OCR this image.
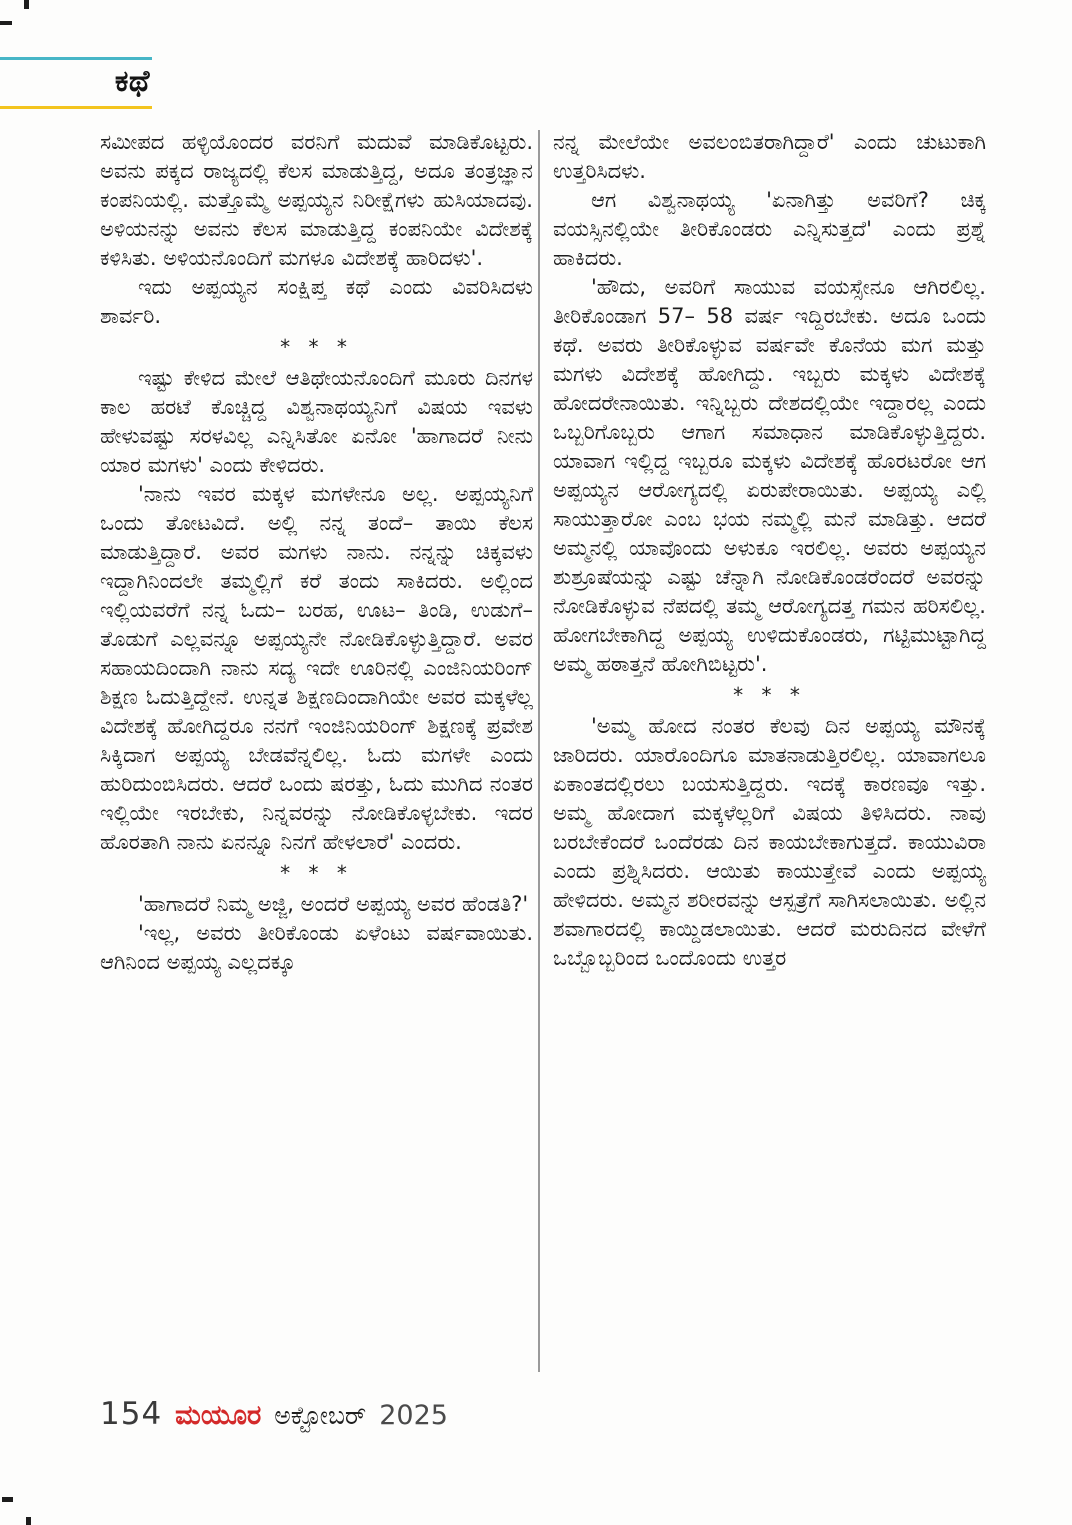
ಕಥೆ

ಸಮೀಪದ ಹಳ್ಳಿಯೊಂದರ ವರನಿಗೆ ಮದುವೆ ಮಾಡಿಕೊಟ್ಟರು. ಅವನು ಪಕ್ಕದ ರಾಜ್ಯದಲ್ಲಿ ಕೆಲಸ ಮಾಡುತ್ತಿದ್ದ, ಅದೂ ತಂತ್ರಜ್ಞಾನ ಕಂಪನಿಯಲ್ಲಿ. ಮತ್ತೊಮ್ಮೆ ಅಪ್ಪಯ್ಯನ ನಿರೀಕ್ಷೆಗಳು ಹುಸಿಯಾದವು. ಅಳಿಯನನ್ನು ಅವನು ಕೆಲಸ ಮಾಡುತ್ತಿದ್ದ ಕಂಪನಿಯೇ ವಿದೇಶಕ್ಕೆ ಕಳಿಸಿತು. ಅಳಿಯನೊಂದಿಗೆ ಮಗಳೂ ವಿದೇಶಕ್ಕೆ ಹಾರಿದಳು'.

ಇದು ಅಪ್ಪಯ್ಯನ ಸಂಕ್ಷಿಪ್ತ ಕಥೆ ಎಂದು ವಿವರಿಸಿದಳು ಶಾರ್ವರಿ.

* * *

ಇಷ್ಟು ಕೇಳಿದ ಮೇಲೆ ಆತಿಥೇಯನೊಂದಿಗೆ ಮೂರು ದಿನಗಳ ಕಾಲ ಹರಟೆ ಕೊಚ್ಚಿದ್ದ ವಿಶ್ವನಾಥಯ್ಯನಿಗೆ ವಿಷಯ ಇವಳು ಹೇಳುವಷ್ಟು ಸರಳವಿಲ್ಲ ಎನ್ನಿಸಿತೋ ಏನೋ 'ಹಾಗಾದರೆ ನೀನು ಯಾರ ಮಗಳು' ಎಂದು ಕೇಳಿದರು.

'ನಾನು ಇವರ ಮಕ್ಕಳ ಮಗಳೇನೂ ಅಲ್ಲ. ಅಪ್ಪಯ್ಯನಿಗೆ ಒಂದು ತೋಟವಿದೆ. ಅಲ್ಲಿ ನನ್ನ ತಂದೆ– ತಾಯಿ ಕೆಲಸ ಮಾಡುತ್ತಿದ್ದಾರೆ. ಅವರ ಮಗಳು ನಾನು. ನನ್ನನ್ನು ಚಿಕ್ಕವಳು ಇದ್ದಾಗಿನಿಂದಲೇ ತಮ್ಮಲ್ಲಿಗೆ ಕರೆ ತಂದು ಸಾಕಿದರು. ಅಲ್ಲಿಂದ ಇಲ್ಲಿಯವರೆಗೆ ನನ್ನ ಓದು– ಬರಹ, ಊಟ– ತಿಂಡಿ, ಉಡುಗೆ– ತೊಡುಗೆ ಎಲ್ಲವನ್ನೂ ಅಪ್ಪಯ್ಯನೇ ನೋಡಿಕೊಳ್ಳುತ್ತಿದ್ದಾರೆ. ಅವರ ಸಹಾಯದಿಂದಾಗಿ ನಾನು ಸದ್ಯ ಇದೇ ಊರಿನಲ್ಲಿ ಎಂಜಿನಿಯರಿಂಗ್ ಶಿಕ್ಷಣ ಓದುತ್ತಿದ್ದೇನೆ. ಉನ್ನತ ಶಿಕ್ಷಣದಿಂದಾಗಿಯೇ ಅವರ ಮಕ್ಕಳೆಲ್ಲ ವಿದೇಶಕ್ಕೆ ಹೋಗಿದ್ದರೂ ನನಗೆ ಇಂಜಿನಿಯರಿಂಗ್ ಶಿಕ್ಷಣಕ್ಕೆ ಪ್ರವೇಶ ಸಿಕ್ಕಿದಾಗ ಅಪ್ಪಯ್ಯ ಬೇಡವೆನ್ನಲಿಲ್ಲ. ಓದು ಮಗಳೇ ಎಂದು ಹುರಿದುಂಬಿಸಿದರು. ಆದರೆ ಒಂದು ಷರತ್ತು, ಓದು ಮುಗಿದ ನಂತರ ಇಲ್ಲಿಯೇ ಇರಬೇಕು, ನಿನ್ನವರನ್ನು ನೋಡಿಕೊಳ್ಳಬೇಕು. ಇದರ ಹೊರತಾಗಿ ನಾನು ಏನನ್ನೂ ನಿನಗೆ ಹೇಳಲಾರೆ' ಎಂದರು.

* * *

'ಹಾಗಾದರೆ ನಿಮ್ಮ ಅಜ್ಜಿ, ಅಂದರೆ ಅಪ್ಪಯ್ಯ ಅವರ ಹೆಂಡತಿ?'

'ಇಲ್ಲ, ಅವರು ತೀರಿಕೊಂಡು ಏಳೆಂಟು ವರ್ಷವಾಯಿತು. ಆಗಿನಿಂದ ಅಪ್ಪಯ್ಯ ಎಲ್ಲದಕ್ಕೂ

ನನ್ನ ಮೇಲೆಯೇ ಅವಲಂಬಿತರಾಗಿದ್ದಾರೆ' ಎಂದು ಚುಟುಕಾಗಿ ಉತ್ತರಿಸಿದಳು.

ಆಗ ವಿಶ್ವನಾಥಯ್ಯ 'ಏನಾಗಿತ್ತು ಅವರಿಗೆ? ಚಿಕ್ಕ ವಯಸ್ಸಿನಲ್ಲಿಯೇ ತೀರಿಕೊಂಡರು ಎನ್ನಿಸುತ್ತದೆ' ಎಂದು ಪ್ರಶ್ನೆ ಹಾಕಿದರು.

'ಹೌದು, ಅವರಿಗೆ ಸಾಯುವ ವಯಸ್ಸೇನೂ ಆಗಿರಲಿಲ್ಲ. ತೀರಿಕೊಂಡಾಗ 57– 58 ವರ್ಷ ಇದ್ದಿರಬೇಕು. ಅದೂ ಒಂದು ಕಥೆ. ಅವರು ತೀರಿಕೊಳ್ಳುವ ವರ್ಷವೇ ಕೊನೆಯ ಮಗ ಮತ್ತು ಮಗಳು ವಿದೇಶಕ್ಕೆ ಹೋಗಿದ್ದು. ಇಬ್ಬರು ಮಕ್ಕಳು ವಿದೇಶಕ್ಕೆ ಹೋದರೇನಾಯಿತು. ಇನ್ನಿಬ್ಬರು ದೇಶದಲ್ಲಿಯೇ ಇದ್ದಾರಲ್ಲ ಎಂದು ಒಬ್ಬರಿಗೊಬ್ಬರು ಆಗಾಗ ಸಮಾಧಾನ ಮಾಡಿಕೊಳ್ಳುತ್ತಿದ್ದರು. ಯಾವಾಗ ಇಲ್ಲಿದ್ದ ಇಬ್ಬರೂ ಮಕ್ಕಳು ವಿದೇಶಕ್ಕೆ ಹೊರಟರೋ ಆಗ ಅಪ್ಪಯ್ಯನ ಆರೋಗ್ಯದಲ್ಲಿ ಏರುಪೇರಾಯಿತು. ಅಪ್ಪಯ್ಯ ಎಲ್ಲಿ ಸಾಯುತ್ತಾರೋ ಎಂಬ ಭಯ ನಮ್ಮಲ್ಲಿ ಮನೆ ಮಾಡಿತ್ತು. ಆದರೆ ಅಮ್ಮನಲ್ಲಿ ಯಾವೊಂದು ಅಳುಕೂ ಇರಲಿಲ್ಲ. ಅವರು ಅಪ್ಪಯ್ಯನ ಶುಶ್ರೂಷೆಯನ್ನು ಎಷ್ಟು ಚೆನ್ನಾಗಿ ನೋಡಿಕೊಂಡರೆಂದರೆ ಅವರನ್ನು ನೋಡಿಕೊಳ್ಳುವ ನೆಪದಲ್ಲಿ ತಮ್ಮ ಆರೋಗ್ಯದತ್ತ ಗಮನ ಹರಿಸಲಿಲ್ಲ. ಹೋಗಬೇಕಾಗಿದ್ದ ಅಪ್ಪಯ್ಯ ಉಳಿದುಕೊಂಡರು, ಗಟ್ಟಿಮುಟ್ಟಾಗಿದ್ದ ಅಮ್ಮ ಹಠಾತ್ತನೆ ಹೋಗಿಬಿಟ್ಟರು'.

* * *

'ಅಮ್ಮ ಹೋದ ನಂತರ ಕೆಲವು ದಿನ ಅಪ್ಪಯ್ಯ ಮೌನಕ್ಕೆ ಜಾರಿದರು. ಯಾರೊಂದಿಗೂ ಮಾತನಾಡುತ್ತಿರಲಿಲ್ಲ. ಯಾವಾಗಲೂ ಏಕಾಂತದಲ್ಲಿರಲು ಬಯಸುತ್ತಿದ್ದರು. ಇದಕ್ಕೆ ಕಾರಣವೂ ಇತ್ತು. ಅಮ್ಮ ಹೋದಾಗ ಮಕ್ಕಳೆಲ್ಲರಿಗೆ ವಿಷಯ ತಿಳಿಸಿದರು. ನಾವು ಬರಬೇಕೆಂದರೆ ಒಂದೆರಡು ದಿನ ಕಾಯಬೇಕಾಗುತ್ತದೆ. ಕಾಯುವಿರಾ ಎಂದು ಪ್ರಶ್ನಿಸಿದರು. ಆಯಿತು ಕಾಯುತ್ತೇವೆ ಎಂದು ಅಪ್ಪಯ್ಯ ಹೇಳಿದರು. ಅಮ್ಮನ ಶರೀರವನ್ನು ಆಸ್ಪತ್ರೆಗೆ ಸಾಗಿಸಲಾಯಿತು. ಅಲ್ಲಿನ ಶವಾಗಾರದಲ್ಲಿ ಕಾಯ್ದಿಡಲಾಯಿತು. ಆದರೆ ಮರುದಿನದ ವೇಳೆಗೆ ಒಬ್ಬೊಬ್ಬರಿಂದ ಒಂದೊಂದು ಉತ್ತರ

154 ಮಯೂರ ಅಕ್ಟೋಬರ್ 2025
